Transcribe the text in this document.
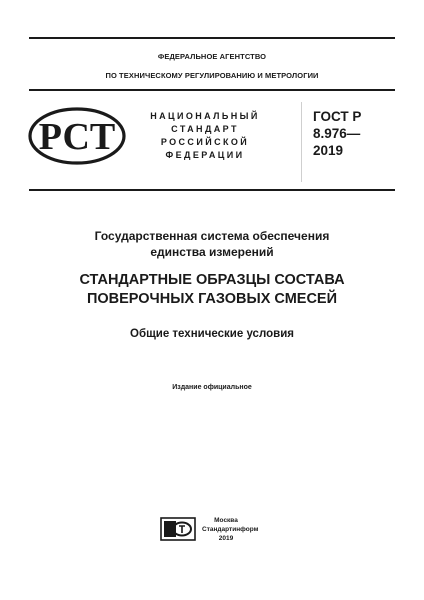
ФЕДЕРАЛЬНОЕ АГЕНТСТВО
ПО ТЕХНИЧЕСКОМУ РЕГУЛИРОВАНИЮ И МЕТРОЛОГИИ
РСТ	НАЦИОНАЛЬНЫЙ
СТАНДАРТ
РОССИЙСКОЙ
ФЕДЕРАЦИИ
ГОСТ Р
8.976—
2019
Государственная система обеспечения
единства измерений
СТАНДАРТНЫЕ ОБРАЗЦЫ СОСТАВА
ПОВЕРОЧНЫХ ГАЗОВЫХ СМЕСЕЙ
Общие технические условия
Издание официальное
Москва
Стандартинформ
2019
